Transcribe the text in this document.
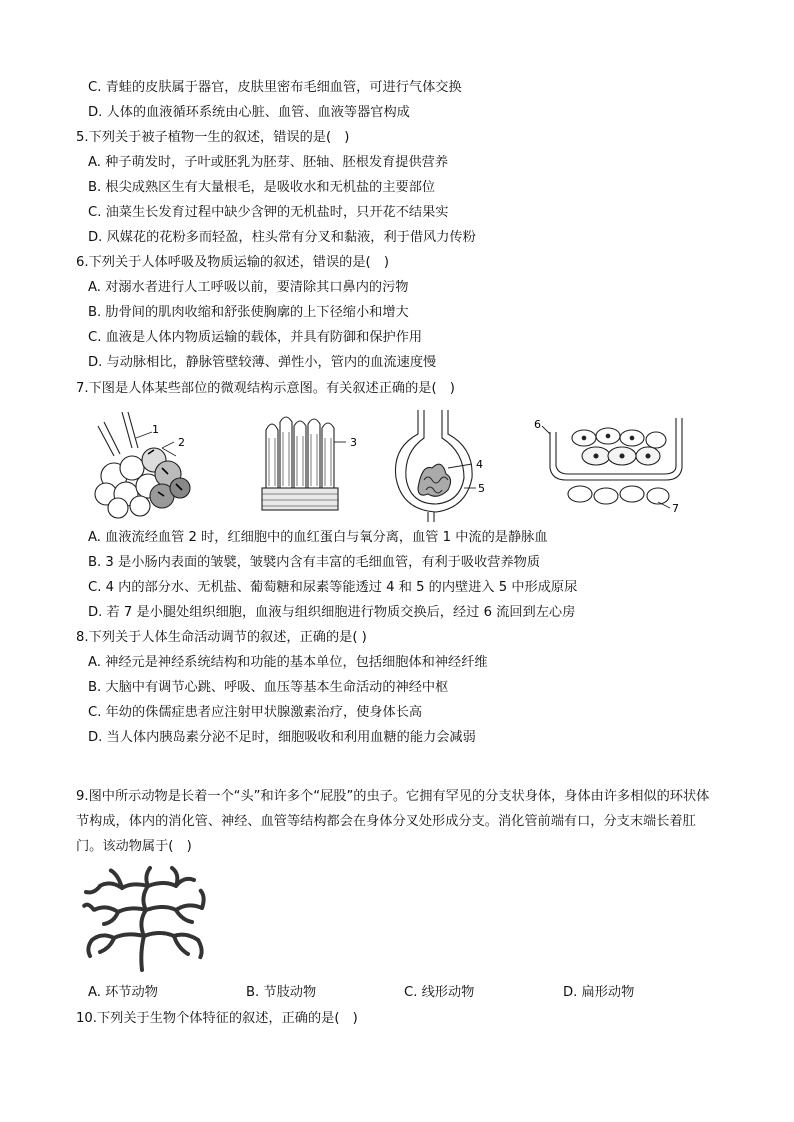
C. 青蛙的皮肤属于器官，皮肤里密布毛细血管，可进行气体交换
D. 人体的血液循环系统由心脏、血管、血液等器官构成
5.下列关于被子植物一生的叙述，错误的是(　)
A. 种子萌发时，子叶或胚乳为胚芽、胚轴、胚根发育提供营养
B. 根尖成熟区生有大量根毛，是吸收水和无机盐的主要部位
C. 油菜生长发育过程中缺少含钾的无机盐时，只开花不结果实
D. 风媒花的花粉多而轻盈，柱头常有分叉和黏液，利于借风力传粉
6.下列关于人体呼吸及物质运输的叙述，错误的是(　)
A. 对溺水者进行人工呼吸以前，要清除其口鼻内的污物
B. 肋骨间的肌肉收缩和舒张使胸廓的上下径缩小和增大
C. 血液是人体内物质运输的载体，并具有防御和保护作用
D. 与动脉相比，静脉管壁较薄、弹性小，管内的血流速度慢
7.下图是人体某些部位的微观结构示意图。有关叙述正确的是(　)
1
2	3
4
5
6
7
A. 血液流经血管 2 时，红细胞中的血红蛋白与氧分离，血管 1 中流的是静脉血
B. 3 是小肠内表面的皱襞，皱襞内含有丰富的毛细血管，有利于吸收营养物质
C. 4 内的部分水、无机盐、葡萄糖和尿素等能透过 4 和 5 的内壁进入 5 中形成原尿
D. 若 7 是小腿处组织细胞，血液与组织细胞进行物质交换后，经过 6 流回到左心房
8.下列关于人体生命活动调节的叙述，正确的是( )
A. 神经元是神经系统结构和功能的基本单位，包括细胞体和神经纤维
B. 大脑中有调节心跳、呼吸、血压等基本生命活动的神经中枢
C. 年幼的侏儒症患者应注射甲状腺激素治疗，使身体长高
D. 当人体内胰岛素分泌不足时，细胞吸收和利用血糖的能力会减弱
9.图中所示动物是长着一个“头”和许多个“屁股”的虫子。它拥有罕见的分支状身体，身体由许多相似的环状体节构成，体内的消化管、神经、血管等结构都会在身体分叉处形成分支。消化管前端有口，分支末端长着肛门。该动物属于(　)
A. 环节动物	B. 节肢动物	C. 线形动物	D. 扁形动物
10.下列关于生物个体特征的叙述，正确的是(　)
